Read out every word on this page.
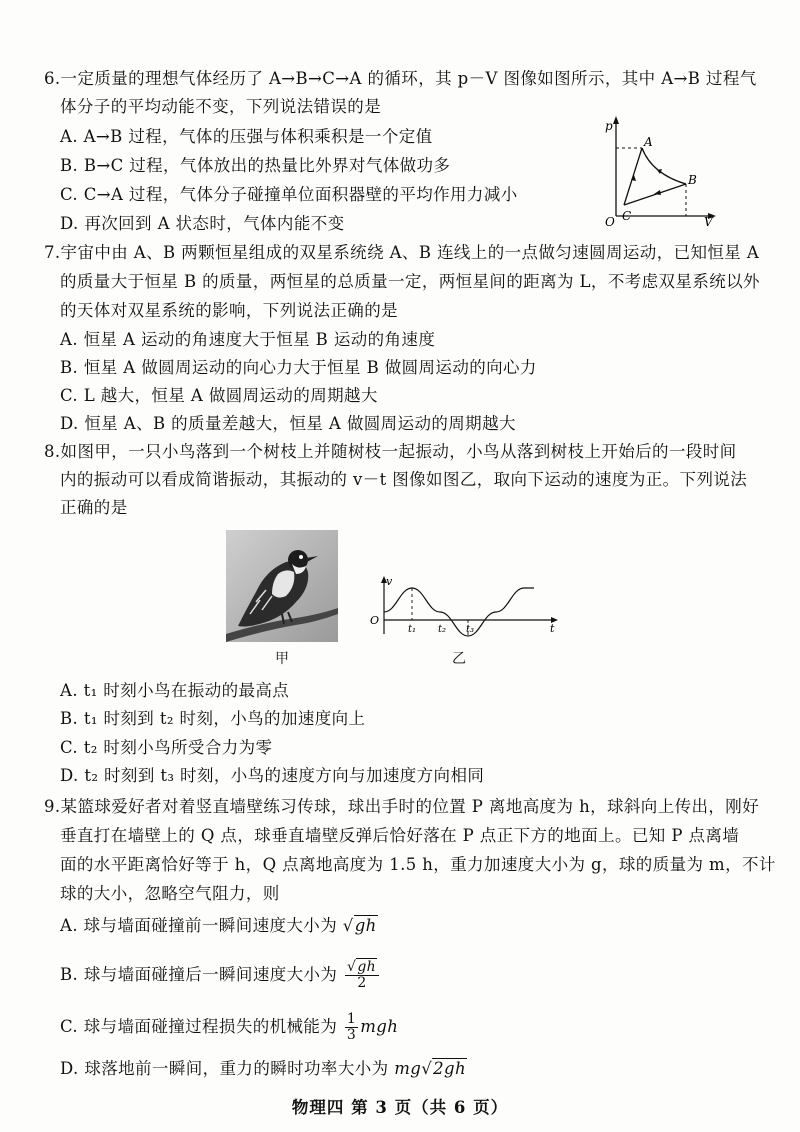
6.一定质量的理想气体经历了 A→B→C→A 的循环，其 p－V 图像如图所示，其中 A→B 过程气
体分子的平均动能不变，下列说法错误的是
A. A→B 过程，气体的压强与体积乘积是一个定值
B. B→C 过程，气体放出的热量比外界对气体做功多
C. C→A 过程，气体分子碰撞单位面积器壁的平均作用力减小
D. 再次回到 A 状态时，气体内能不变
p
V
O
A
B
C
7.宇宙中由 A、B 两颗恒星组成的双星系统绕 A、B 连线上的一点做匀速圆周运动，已知恒星 A
的质量大于恒星 B 的质量，两恒星的总质量一定，两恒星间的距离为 L，不考虑双星系统以外
的天体对双星系统的影响，下列说法正确的是
A. 恒星 A 运动的角速度大于恒星 B 运动的角速度
B. 恒星 A 做圆周运动的向心力大于恒星 B 做圆周运动的向心力
C. L 越大，恒星 A 做圆周运动的周期越大
D. 恒星 A、B 的质量差越大，恒星 A 做圆周运动的周期越大
8.如图甲，一只小鸟落到一个树枝上并随树枝一起振动，小鸟从落到树枝上开始后的一段时间
内的振动可以看成简谐振动，其振动的 v－t 图像如图乙，取向下运动的速度为正。下列说法
正确的是
甲
v
t
O
t₁ t₂ t₃
乙
A. t₁ 时刻小鸟在振动的最高点
B. t₁ 时刻到 t₂ 时刻，小鸟的加速度向上
C. t₂ 时刻小鸟所受合力为零
D. t₂ 时刻到 t₃ 时刻，小鸟的速度方向与加速度方向相同
9.某篮球爱好者对着竖直墙壁练习传球，球出手时的位置 P 离地高度为 h，球斜向上传出，刚好
垂直打在墙壁上的 Q 点，球垂直墙壁反弹后恰好落在 P 点正下方的地面上。已知 P 点离墙
面的水平距离恰好等于 h，Q 点离地高度为 1.5 h，重力加速度大小为 g，球的质量为 m，不计
球的大小，忽略空气阻力，则
A. 球与墙面碰撞前一瞬间速度大小为 √gh
B. 球与墙面碰撞后一瞬间速度大小为 $\frac{√gh}{2}$
C. 球与墙面碰撞过程损失的机械能为 $\frac{1}{3}$ mgh
D. 球落地前一瞬间，重力的瞬时功率大小为 mg√2gh
物理四 第 3 页（共 6 页）
